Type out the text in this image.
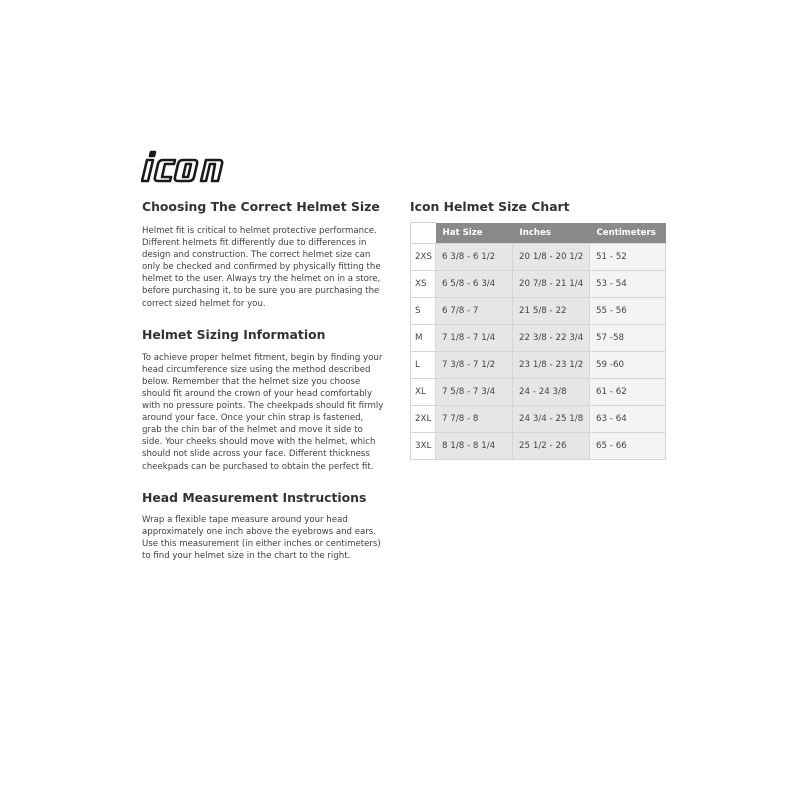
Choosing The Correct Helmet Size

Helmet fit is critical to helmet protective performance. Different helmets fit differently due to differences in design and construction. The correct helmet size can only be checked and confirmed by physically fitting the helmet to the user. Always try the helmet on in a store, before purchasing it, to be sure you are purchasing the correct sized helmet for you.

Helmet Sizing Information

To achieve proper helmet fitment, begin by finding your head circumference size using the method described below. Remember that the helmet size you choose should fit around the crown of your head comfortably with no pressure points. The cheekpads should fit firmly around your face. Once your chin strap is fastened, grab the chin bar of the helmet and move it side to side. Your cheeks should move with the helmet, which should not slide across your face. Different thickness cheekpads can be purchased to obtain the perfect fit.

Head Measurement Instructions

Wrap a flexible tape measure around your head approximately one inch above the eyebrows and ears. Use this measurement (in either inches or centimeters) to find your helmet size in the chart to the right.

Icon Helmet Size Chart
	Hat Size	Inches	Centimeters
2XS	6 3/8 - 6 1/2	20 1/8 - 20 1/2	51 - 52
XS	6 5/8 - 6 3/4	20 7/8 - 21 1/4	53 - 54
S	6 7/8 - 7	21 5/8 - 22	55 - 56
M	7 1/8 - 7 1/4	22 3/8 - 22 3/4	57 -58
L	7 3/8 - 7 1/2	23 1/8 - 23 1/2	59 -60
XL	7 5/8 - 7 3/4	24 - 24 3/8	61 - 62
2XL	7 7/8 - 8	24 3/4 - 25 1/8	63 - 64
3XL	8 1/8 - 8 1/4	25 1/2 - 26	65 - 66
